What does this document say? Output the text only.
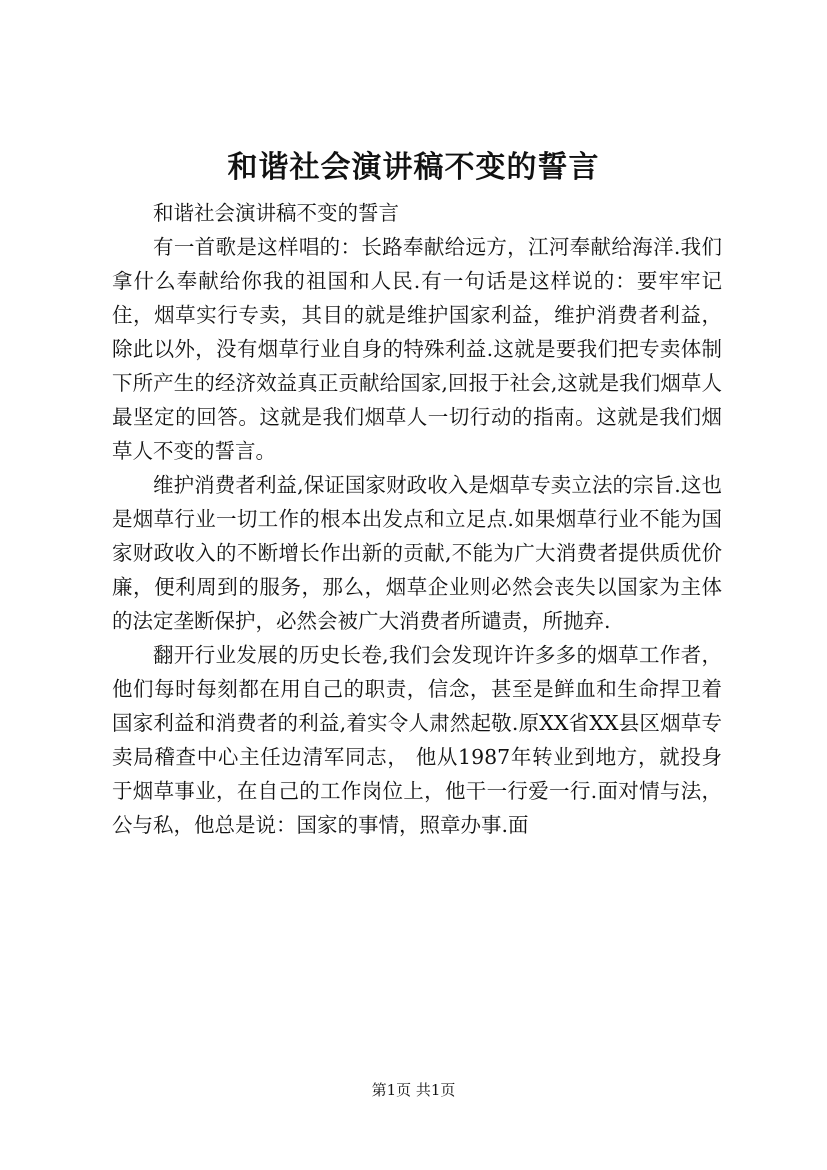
和谐社会演讲稿不变的誓言

和谐社会演讲稿不变的誓言

有一首歌是这样唱的：长路奉献给远方，江河奉献给海洋.我们拿什么奉献给你我的祖国和人民.有一句话是这样说的：要牢牢记住，烟草实行专卖，其目的就是维护国家利益，维护消费者利益，除此以外，没有烟草行业自身的特殊利益.这就是要我们把专卖体制下所产生的经济效益真正贡献给国家,回报于社会,这就是我们烟草人最坚定的回答。这就是我们烟草人一切行动的指南。这就是我们烟草人不变的誓言。

维护消费者利益,保证国家财政收入是烟草专卖立法的宗旨.这也是烟草行业一切工作的根本出发点和立足点.如果烟草行业不能为国家财政收入的不断增长作出新的贡献,不能为广大消费者提供质优价廉，便利周到的服务，那么，烟草企业则必然会丧失以国家为主体的法定垄断保护，必然会被广大消费者所谴责，所抛弃.

翻开行业发展的历史长卷,我们会发现许许多多的烟草工作者，他们每时每刻都在用自己的职责，信念，甚至是鲜血和生命捍卫着国家利益和消费者的利益,着实令人肃然起敬.原XX省XX县区烟草专卖局稽查中心主任边清军同志， 他从1987年转业到地方，就投身于烟草事业，在自己的工作岗位上，他干一行爱一行.面对情与法，公与私，他总是说：国家的事情，照章办事.面

第1页 共1页
